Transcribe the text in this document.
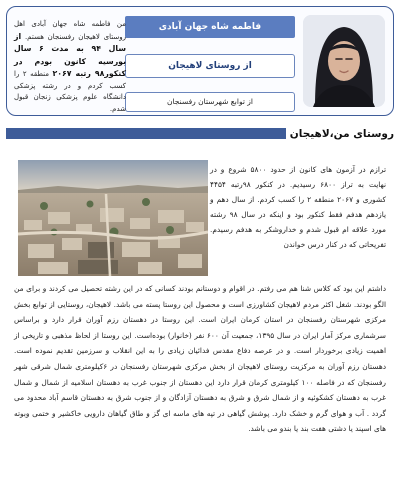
فاطمه شاه جهان آبادی
از روستای لاهیجان
از توابع شهرستان رفسنجان
من فاطمه شاه جهان آبادی اهل روستای لاهیجان رفسنجان هستم. از سال ۹۴ به مدت ۶ سال بورسیه کانون بودم در کنکور۹۸ رتبه ۲۰۶۷ منطقه ۲ را کسب کردم و در رشته پزشکی دانشگاه علوم پزشکی زنجان قبول شدم.
روستای من،لاهیجان
ترازم در آزمون های کانون از حدود ۵۸۰۰ شروع و در نهایت به تراز ۶۸۰۰ رسیدیم. در کنکور ۹۸رتبه ۴۴۵۴ کشوری و ۲۰۶۷ منطقه ۲ را کسب کردم. از سال دهم و یازدهم هدفم فقط کنکور بود و اینکه در سال ۹۸ رشته مورد علاقه ام قبول شدم و خداروشکر به هدفم رسیدم. تفریحاتی که در کنار درس خواندن
داشتم این بود که کلاس شنا هم می رفتم. در اقوام و دوستانم بودند کسانی که در این رشته تحصیل می کردند و برای من الگو بودند. شغل اکثر مردم لاهیجان کشاورزی است و محصول این روستا پسته می باشد. لاهیجان، روستایی از توابع بخش مرکزی شهرستان رفسنجان در استان کرمان ایران است. این روستا در دهستان رزم آوران قرار دارد و براساس سرشماری مرکز آمار ایران در سال ۱۳۹۵، جمعیت آن ۶۰۰ نفر (خانوار) بوده‌است. این روستا از لحاظ مذهبی و تاریخی از اهمیت زیادی برخوردار است. و در عرصه دفاع مقدس فدائیان زیادی را به این انقلاب و سرزمین تقدیم نموده است. دهستان رزم آوران به مرکزیت روستای لاهیجان از بخش مرکزی شهرستان رفسنجان در ۶کیلومتری شمال شرقی شهر رفسنجان که در فاصله ۱۰۰ کیلومتری کرمان قرار دارد این دهستان از جنوب غرب به دهستان اسلامیه از شمال و شمال غرب به دهستان کشکوئیه و از شمال شرق و شرق به دهستان آزادگان و از جنوب شرق به دهستان قاسم آباد محدود می گردد . آب و هوای گرم و خشک دارد. پوشش گیاهی در تپه های ماسه ای گز و طاق گیاهان دارویی خاکشیر و ختمی وبوته های اسپند یا دشتی هفت بند یا بندو می باشد.
